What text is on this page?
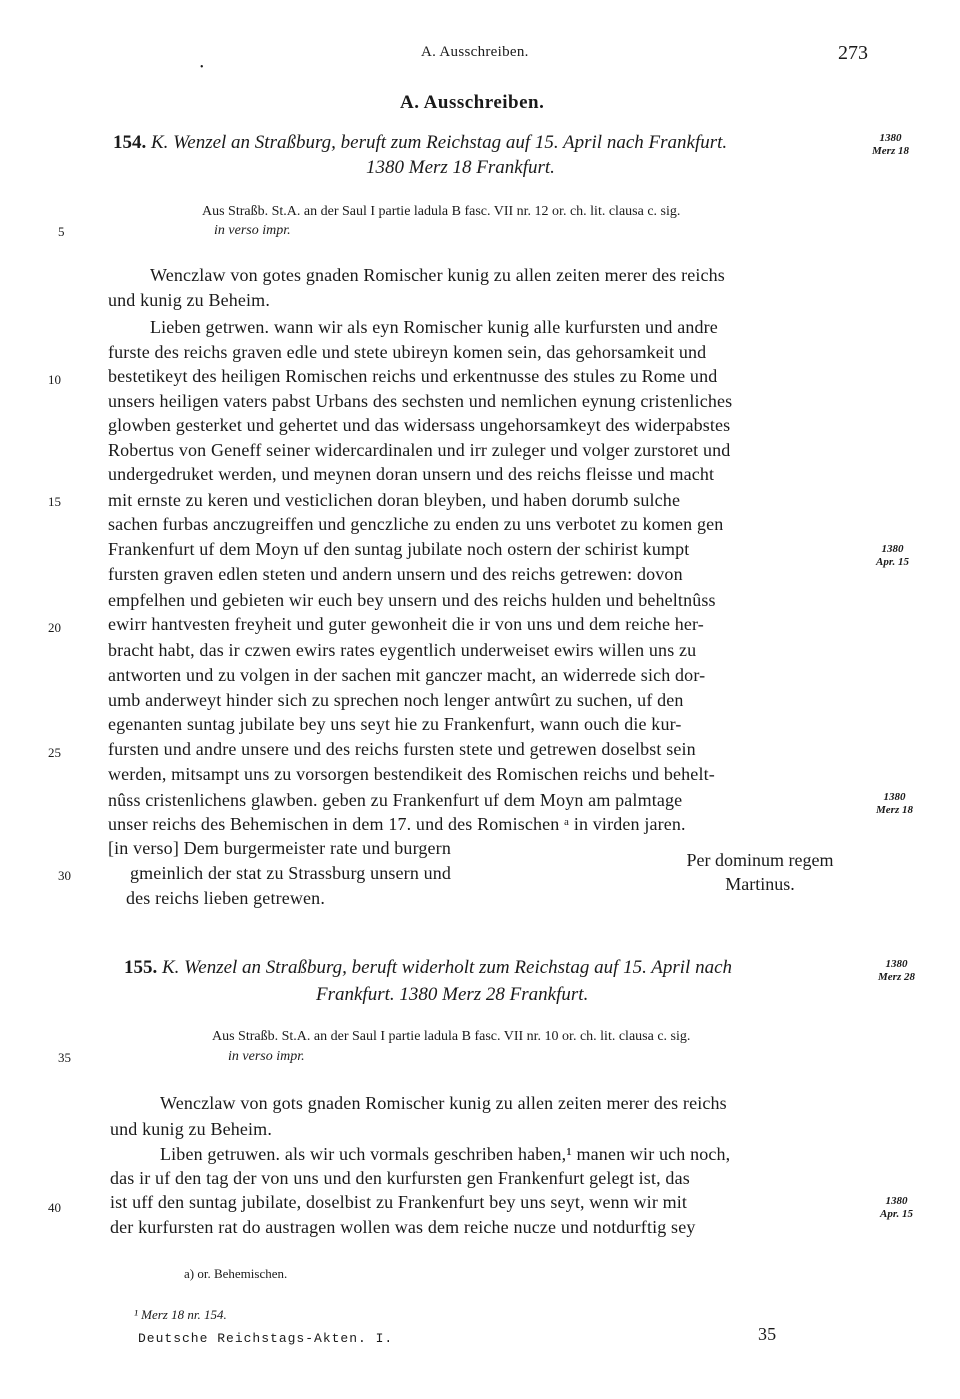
•
A. Ausschreiben.	273
A. Ausschreiben.
154. K. Wenzel an Straßburg, beruft zum Reichstag auf 15. April nach Frankfurt.
1380 Merz 18 Frankfurt.
1380
Merz 18
Aus Straßb. St.A. an der Saul I partie ladula B fasc. VII nr. 12 or. ch. lit. clausa c. sig.
in verso impr.
Wenczlaw von gotes gnaden Romischer kunig zu allen zeiten merer des reichs
und kunig zu Beheim.
Lieben getrwen. wann wir als eyn Romischer kunig alle kurfursten und andre
furste des reichs graven edle und stete ubireyn komen sein, das gehorsamkeit und
bestetikeyt des heiligen Romischen reichs und erkentnusse des stules zu Rome und
unsers heiligen vaters pabst Urbans des sechsten und nemlichen eynung cristenliches
glowben gesterket und gehertet und das widersass ungehorsamkeyt des widerpabstes
Robertus von Geneff seiner widercardinalen und irr zuleger und volger zurstoret und
undergedruket werden, und meynen doran unsern und des reichs fleisse und macht
mit ernste zu keren und vesticlichen doran bleyben, und haben dorumb sulche
sachen furbas anczugreiffen und genczliche zu enden zu uns verbotet zu komen gen
Frankenfurt uf dem Moyn uf den suntag jubilate noch ostern der schirist kumpt
fursten graven edlen steten und andern unsern und des reichs getrewen: dovon
empfelhen und gebieten wir euch bey unsern und des reichs hulden und beheltnûss
ewirr hantvesten freyheit und guter gewonheit die ir von uns und dem reiche her-
bracht habt, das ir czwen ewirs rates eygentlich underweiset ewirs willen uns zu
antworten und zu volgen in der sachen mit ganczer macht, an widerrede sich dor-
umb anderweyt hinder sich zu sprechen noch lenger antwûrt zu suchen, uf den
egenanten suntag jubilate bey uns seyt hie zu Frankenfurt, wann ouch die kur-
fursten und andre unsere und des reichs fursten stete und getrewen doselbst sein
werden, mitsampt uns zu vorsorgen bestendikeit des Romischen reichs und behelt-
nûss cristenlichens glawben. geben zu Frankenfurt uf dem Moyn am palmtage
unser reichs des Behemischen in dem 17. und des Romischen ᵃ in virden jaren.
1380
Apr. 15
1380
Merz 18
[in verso] Dem burgermeister rate und burgern
gmeinlich der stat zu Strassburg unsern und
des reichs lieben getrewen.
Per dominum regem
Martinus.
155. K. Wenzel an Straßburg, beruft widerholt zum Reichstag auf 15. April nach
Frankfurt. 1380 Merz 28 Frankfurt.
1380
Merz 28
Aus Straßb. St.A. an der Saul I partie ladula B fasc. VII nr. 10 or. ch. lit. clausa c. sig.
in verso impr.
Wenczlaw von gots gnaden Romischer kunig zu allen zeiten merer des reichs
und kunig zu Beheim.
Liben getruwen. als wir uch vormals geschriben haben,¹ manen wir uch noch,
das ir uf den tag der von uns und den kurfursten gen Frankenfurt gelegt ist, das
ist uff den suntag jubilate, doselbist zu Frankenfurt bey uns seyt, wenn wir mit
der kurfursten rat do austragen wollen was dem reiche nucze und notdurftig sey
1380
Apr. 15
5
10
15
20
25
30
35
40
a) or. Behemischen.
¹ Merz 18 nr. 154.
Deutsche Reichstags-Akten. I.	35
